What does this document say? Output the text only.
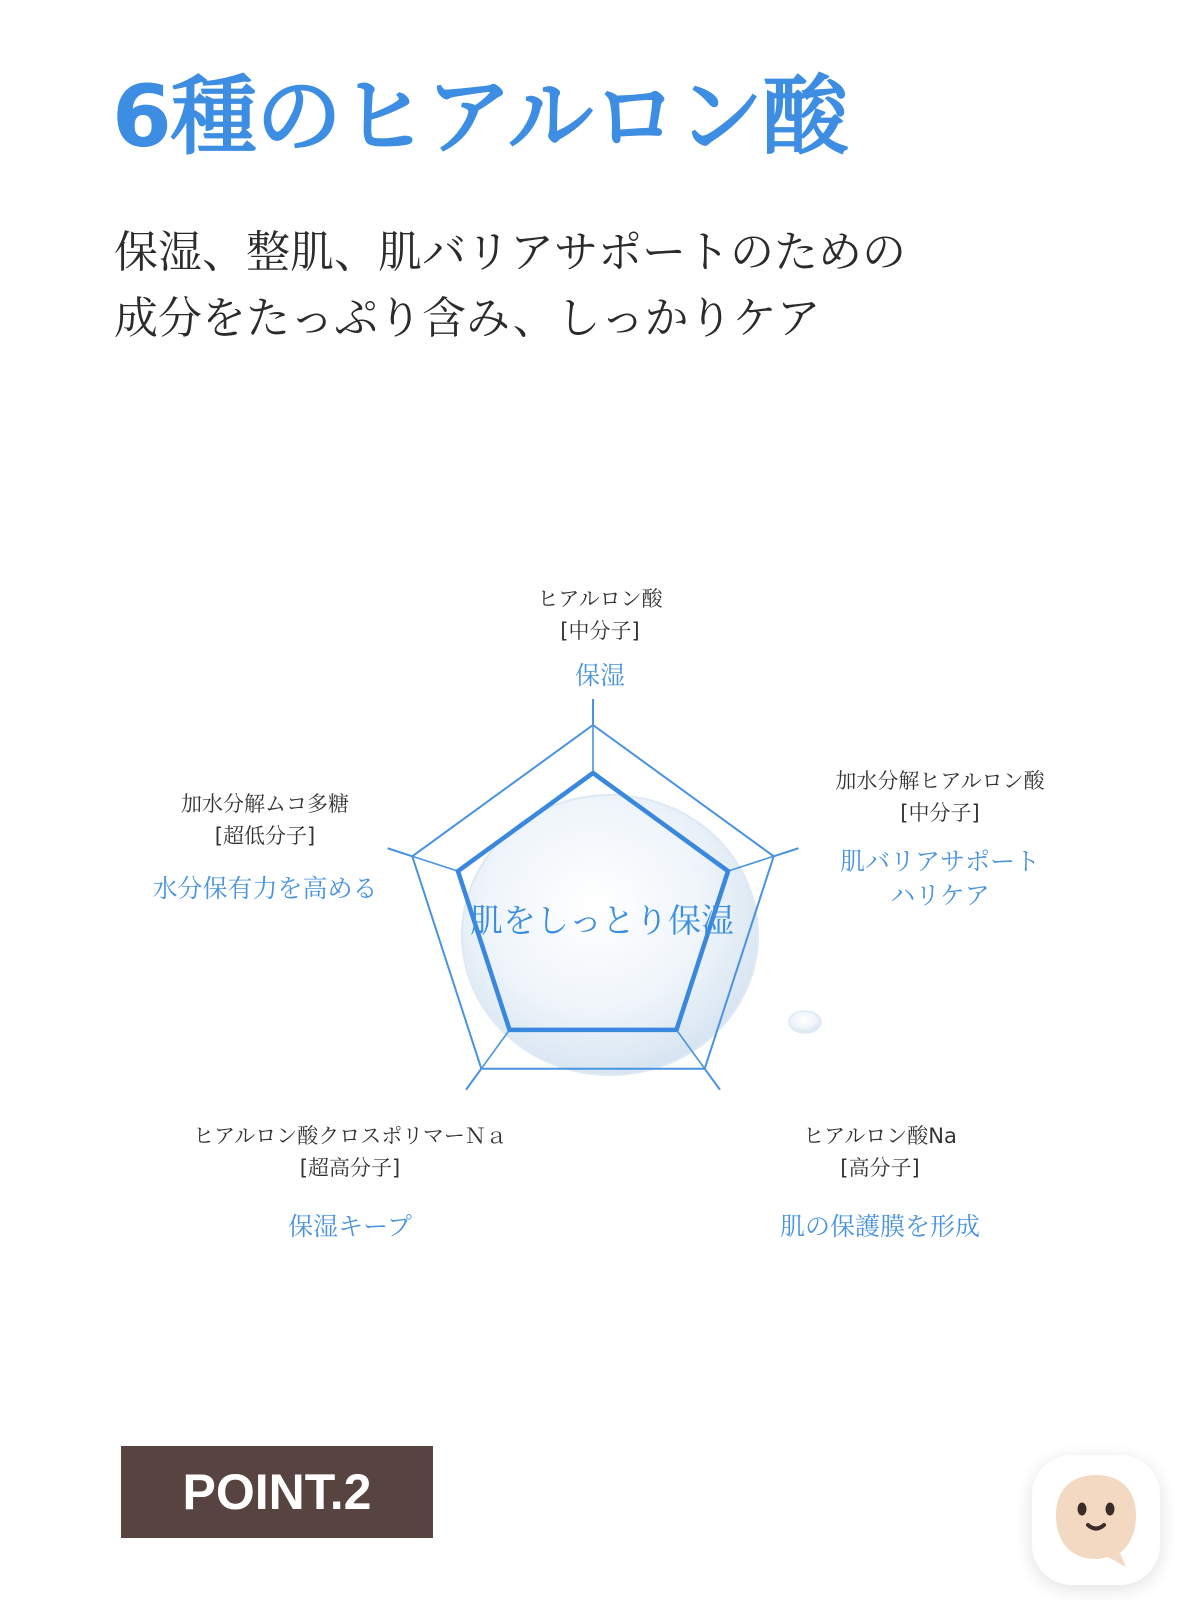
6種のヒアルロン酸
保湿、整肌、肌バリアサポートのための
成分をたっぷり含み、しっかりケア
ヒアルロン酸
[中分子]
保湿
加水分解ヒアルロン酸
[中分子]
肌バリアサポート
ハリケア
ヒアルロン酸Na
[高分子]
肌の保護膜を形成
ヒアルロン酸クロスポリマーＮａ
[超高分子]
保湿キープ
加水分解ムコ多糖
[超低分子]
水分保有力を高める
肌をしっとり保湿
POINT.2
